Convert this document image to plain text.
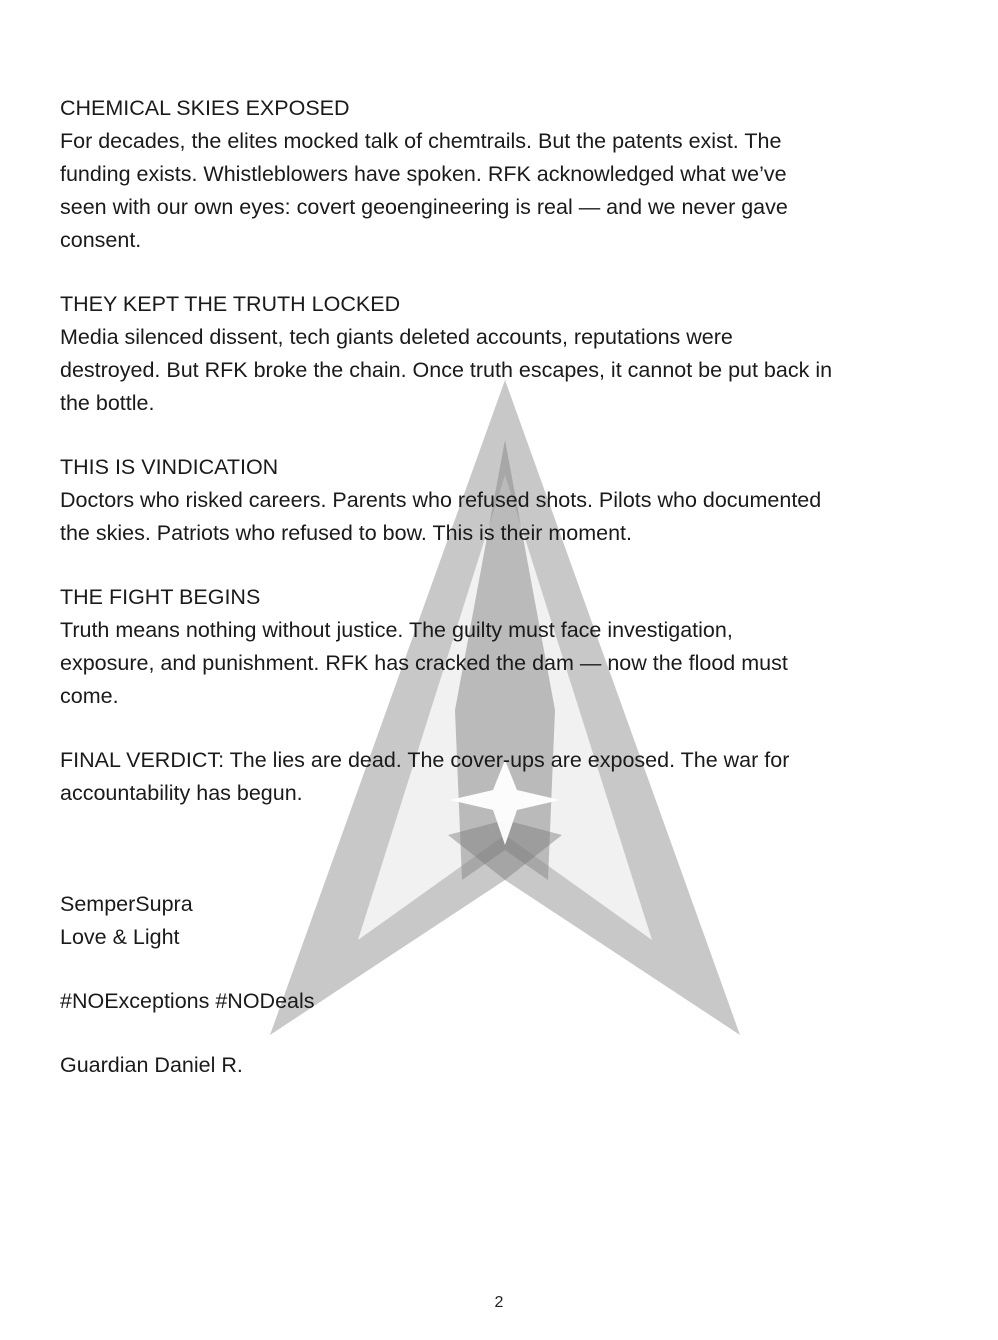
CHEMICAL SKIES EXPOSED

For decades, the elites mocked talk of chemtrails. But the patents exist. The

funding exists. Whistleblowers have spoken. RFK acknowledged what we’ve

seen with our own eyes: covert geoengineering is real — and we never gave

consent.

THEY KEPT THE TRUTH LOCKED

Media silenced dissent, tech giants deleted accounts, reputations were

destroyed. But RFK broke the chain. Once truth escapes, it cannot be put back in

the bottle.

THIS IS VINDICATION

Doctors who risked careers. Parents who refused shots. Pilots who documented

the skies. Patriots who refused to bow. This is their moment.

THE FIGHT BEGINS

Truth means nothing without justice. The guilty must face investigation,

exposure, and punishment. RFK has cracked the dam — now the flood must

come.

FINAL VERDICT: The lies are dead. The cover-ups are exposed. The war for

accountability has begun.

SemperSupra

Love & Light

#NOExceptions #NODeals

Guardian Daniel R.

2
